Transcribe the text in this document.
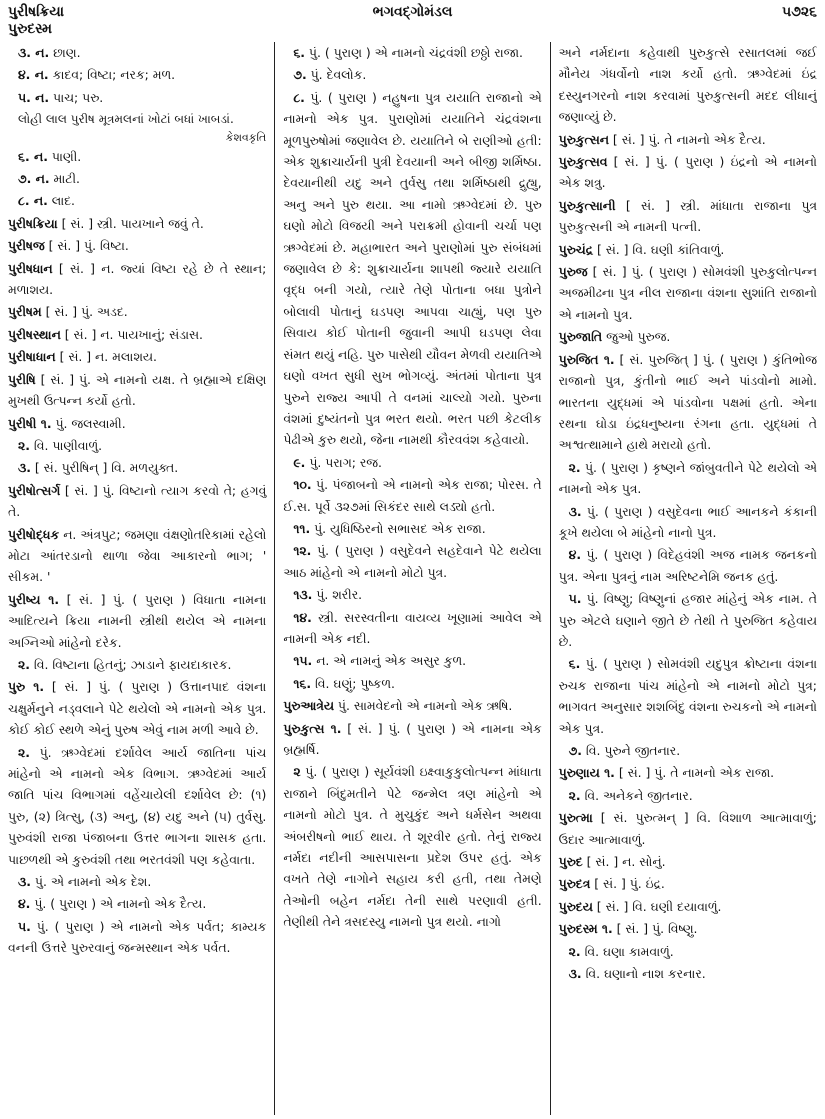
પુરીષક્રિયા
પુરુદસ્મ
ભગવદ્ગોમંડલ	૫૭૨૬
૩. ન. છાણ.
૪. ન. કાદવ; વિષ્ટા; નરક; મળ.
૫. ન. પાચ; પરુ.
લોહી લાલ પુરીષ મૂત્રમલનાં ખોટાં બધાં ખાબડાં.
કેશવકૃતિ
૬. ન. પાણી.
૭. ન. માટી.
૮. ન. લાદ.
પુરીષક્રિયા [ સં. ] સ્ત્રી. પાયખાને જવું તે.
પુરીષજ [ સં. ] પું. વિષ્ટા.
પુરીષધાન [ સં. ] ન. જ્યાં વિષ્ટા રહે છે તે સ્થાન; મળાશય.
પુરીષમ [ સં. ] પું. અડદ.
પુરીષસ્થાન [ સં. ] ન. પાયખાનું; સંડાસ.
પુરીષાધાન [ સં. ] ન. મલાશય.
પુરીષિ [ સં. ] પું. એ નામનો યક્ષ. તે બ્રહ્માએ દક્ષિણ મુખથી ઉત્પન્ન કર્યો હતો.
પુરીષી ૧. પું. જલસ્વામી.
૨. વિ. પાણીવાળું.
૩. [ સં. પુરીષિન્ ] વિ. મળયુક્ત.
પુરીષોત્સર્ગ [ સં. ] પું. વિષ્ટાનો ત્યાગ કરવો તે; હગવું તે.
પુરીષોદ્ધક ન. અંત્રપુટ; જમણા વંક્ષણોતરિકામાં રહેલો મોટા આંતરડાનો થાળા જેવા આકારનો ભાગ; ' સીકમ. '
પુરીષ્ય ૧. [ સં. ] પું. ( પુરાણ ) વિધાતા નામના આદિત્યને ક્રિયા નામની સ્ત્રીથી થયેલ એ નામના અગ્નિઓ માંહેનો દરેક.
૨. વિ. વિષ્ટાના હિતનું; ઝાડાને ફાયદાકારક.
પુરુ ૧. [ સં. ] પું. ( પુરાણ ) ઉત્તાનપાદ વંશના ચક્ષુર્મનુને નડ્વલાને પેટે થયેલો એ નામનો એક પુત્ર. કોઈ કોઈ સ્થળે એનું પુરુષ એવું નામ મળી આવે છે.
૨. પું. ઋગ્વેદમાં દર્શાવેલ આર્ય જાતિના પાંચ માંહેનો એ નામનો એક વિભાગ. ઋગ્વેદમાં આર્ય જાતિ પાંચ વિભાગમાં વહેંચાયેલી દર્શાવેલ છે: (૧) પુરુ, (૨) ત્રિત્સુ, (૩) અનુ, (૪) યદુ અને (૫) તુર્વસુ. પુરુવંશી રાજા પંજાબના ઉત્તર ભાગના શાસક હતા. પાછળથી એ કુરુવંશી તથા ભરતવંશી પણ કહેવાતા.
૩. પું. એ નામનો એક દેશ.
૪. પું. ( પુરાણ ) એ નામનો એક દૈત્ય.
૫. પું. ( પુરાણ ) એ નામનો એક પર્વત; કામ્યક વનની ઉત્તરે પુરુરવાનું જન્મસ્થાન એક પર્વત.
૬. પું. ( પુરાણ ) એ નામનો ચંદ્રવંશી છઠ્ઠો રાજા.
૭. પું. દેવલોક.
૮. પું. ( પુરાણ ) નહુષના પુત્ર યયાતિ રાજાનો એ નામનો એક પુત્ર. પુરાણોમાં યયાતિને ચંદ્રવંશના મૂળપુરુષોમાં જણાવેલ છે. યયાતિને બે રાણીઓ હતી: એક શુક્રાચાર્યની પુત્રી દેવયાની અને બીજી શર્મિષ્ઠા. દેવયાનીથી યદુ અને તુર્વસુ તથા શર્મિષ્ઠાથી દ્રુહ્યુ, અનુ અને પુરુ થયા. આ નામો ઋગ્વેદમાં છે. પુરુ ઘણો મોટો વિજયી અને પરાક્રમી હોવાની ચર્ચા પણ ઋગ્વેદમાં છે. મહાભારત અને પુરાણોમાં પુરુ સંબંધમાં જણાવેલ છે કે: શુક્રાચાર્યના શાપથી જ્યારે યયાતિ વૃદ્ધ બની ગયો, ત્યારે તેણે પોતાના બધા પુત્રોને બોલાવી પોતાનું ઘડપણ આપવા ચાહ્યું, પણ પુરુ સિવાય કોઈ પોતાની જુવાની આપી ઘડપણ લેવા સંમત થયું નહિ. પુરુ પાસેથી યૌવન મેળવી યયાતિએ ઘણો વખત સુધી સુખ ભોગવ્યું. અંતમાં પોતાના પુત્ર પુરુને રાજ્ય આપી તે વનમાં ચાલ્યો ગયો. પુરુના વંશમાં દુષ્યંતનો પુત્ર ભરત થયો. ભરત પછી કેટલીક પેઢીએ કુરુ થયો, જેના નામથી કૌરવવંશ કહેવાયો.
૯. પું. પરાગ; રજ.
૧૦. પું. પંજાબનો એ નામનો એક રાજા; પોરસ. તે ઈ.સ. પૂર્વે ૩૨૭માં સિકંદર સાથે લડ્યો હતો.
૧૧. પું. યુધિષ્ઠિરનો સભાસદ એક રાજા.
૧૨. પું. ( પુરાણ ) વસુદેવને સહદેવાને પેટે થયેલા આઠ માંહેનો એ નામનો મોટો પુત્ર.
૧૩. પું. શરીર.
૧૪. સ્ત્રી. સરસ્વતીના વાયવ્ય ખૂણામાં આવેલ એ નામની એક નદી.
૧૫. ન. એ નામનું એક અસુર કુળ.
૧૬. વિ. ઘણું; પુષ્કળ.
પુરુઆત્રેય પું. સામવેદનો એ નામનો એક ઋષિ.
પુરુકુત્સ ૧. [ સં. ] પું. ( પુરાણ ) એ નામના એક બ્રહ્મર્ષિ.
૨ પું. ( પુરાણ ) સૂર્યવંશી ઇક્ષ્વાકુકુલોત્પન્ન માંધાતા રાજાને બિંદુમતીને પેટે જન્મેલ ત્રણ માંહેનો એ નામનો મોટો પુત્ર. તે મુચુકુંદ અને ધર્મસેન અથવા અંબરીષનો ભાઈ થાય. તે શૂરવીર હતો. તેનું રાજ્ય નર્મદા નદીની આસપાસના પ્રદેશ ઉપર હતું. એક વખતે તેણે નાગોને સહાય કરી હતી, તથા તેમણે તેઓની બહેન નર્મદા તેની સાથે પરણાવી હતી. તેણીથી તેને ત્રસદસ્યુ નામનો પુત્ર થયો. નાગો
અને નર્મદાના કહેવાથી પુરુકુત્સે રસાતલમાં જઈ મૌનેય ગંધર્વોનો નાશ કર્યો હતો. ઋગ્વેદમાં ઇંદ્ર દસ્યુનગરનો નાશ કરવામાં પુરુકુત્સની મદદ લીધાનું જણાવ્યું છે.
પુરુકુત્સન [ સં. ] પું. તે નામનો એક દૈત્ય.
પુરુકુત્સવ [ સં. ] પું. ( પુરાણ ) ઇંદ્રનો એ નામનો એક શત્રુ.
પુરુકુત્સાની [ સં. ] સ્ત્રી. માંધાતા રાજાના પુત્ર પુરુકુત્સની એ નામની પત્ની.
પુરુચંદ્ર [ સં. ] વિ. ઘણી કાંતિવાળું.
પુરુજ [ સં. ] પું. ( પુરાણ ) સોમવંશી પુરુકુલોત્પન્ન અજમીઢના પુત્ર નીલ રાજાના વંશના સુશાંતિ રાજાનો એ નામનો પુત્ર.
પુરુજાતિ જુઓ પુરુજ.
પુરુજિત ૧. [ સં. પુરુજિત્ ] પું. ( પુરાણ ) કુંતિભોજ રાજાનો પુત્ર, કુંતીનો ભાઈ અને પાંડવોનો મામો. ભારતના યુદ્ધમાં એ પાંડવોના પક્ષમાં હતો. એના રથના ઘોડા ઇંદ્રધનુષ્યના રંગના હતા. યુદ્ધમાં તે અશ્વત્થામાને હાથે મરાયો હતો.
૨. પું. ( પુરાણ ) કૃષ્ણને જાંબુવતીને પેટે થયેલો એ નામનો એક પુત્ર.
૩. પું. ( પુરાણ ) વસુદેવના ભાઈ આનકને કંકાની કૂખે થયેલા બે માંહેનો નાનો પુત્ર.
૪. પું. ( પુરાણ ) વિદેહવંશી અજ નામક જનકનો પુત્ર. એના પુત્રનું નામ અરિષ્ટનેમિ જનક હતું.
૫. પું. વિષ્ણુ; વિષ્ણુનાં હજાર માંહેનું એક નામ. તે પુરુ એટલે ઘણાને જીતે છે તેથી તે પુરુજિત કહેવાય છે.
૬. પું. ( પુરાણ ) સોમવંશી યદુપુત્ર ક્રોષ્ટાના વંશના રુચક રાજાના પાંચ માંહેનો એ નામનો મોટો પુત્ર; ભાગવત અનુસાર શશબિંદુ વંશના રુચકનો એ નામનો એક પુત્ર.
૭. વિ. પુરુને જીતનાર.
પુરુણાય ૧. [ સં. ] પું. તે નામનો એક રાજા.
૨. વિ. અનેકને જીતનાર.
પુરુત્મા [ સં. પુરુત્મન્ ] વિ. વિશાળ આત્માવાળું; ઉદાર આત્માવાળું.
પુરુદ [ સં. ] ન. સોનું.
પુરુદત્ર [ સં. ] પું. ઇંદ્ર.
પુરુદય [ સં. ] વિ. ઘણી દયાવાળું.
પુરુદસ્મ ૧. [ સં. ] પું. વિષ્ણુ.
૨. વિ. ઘણા કામવાળું.
૩. વિ. ઘણાનો નાશ કરનાર.
